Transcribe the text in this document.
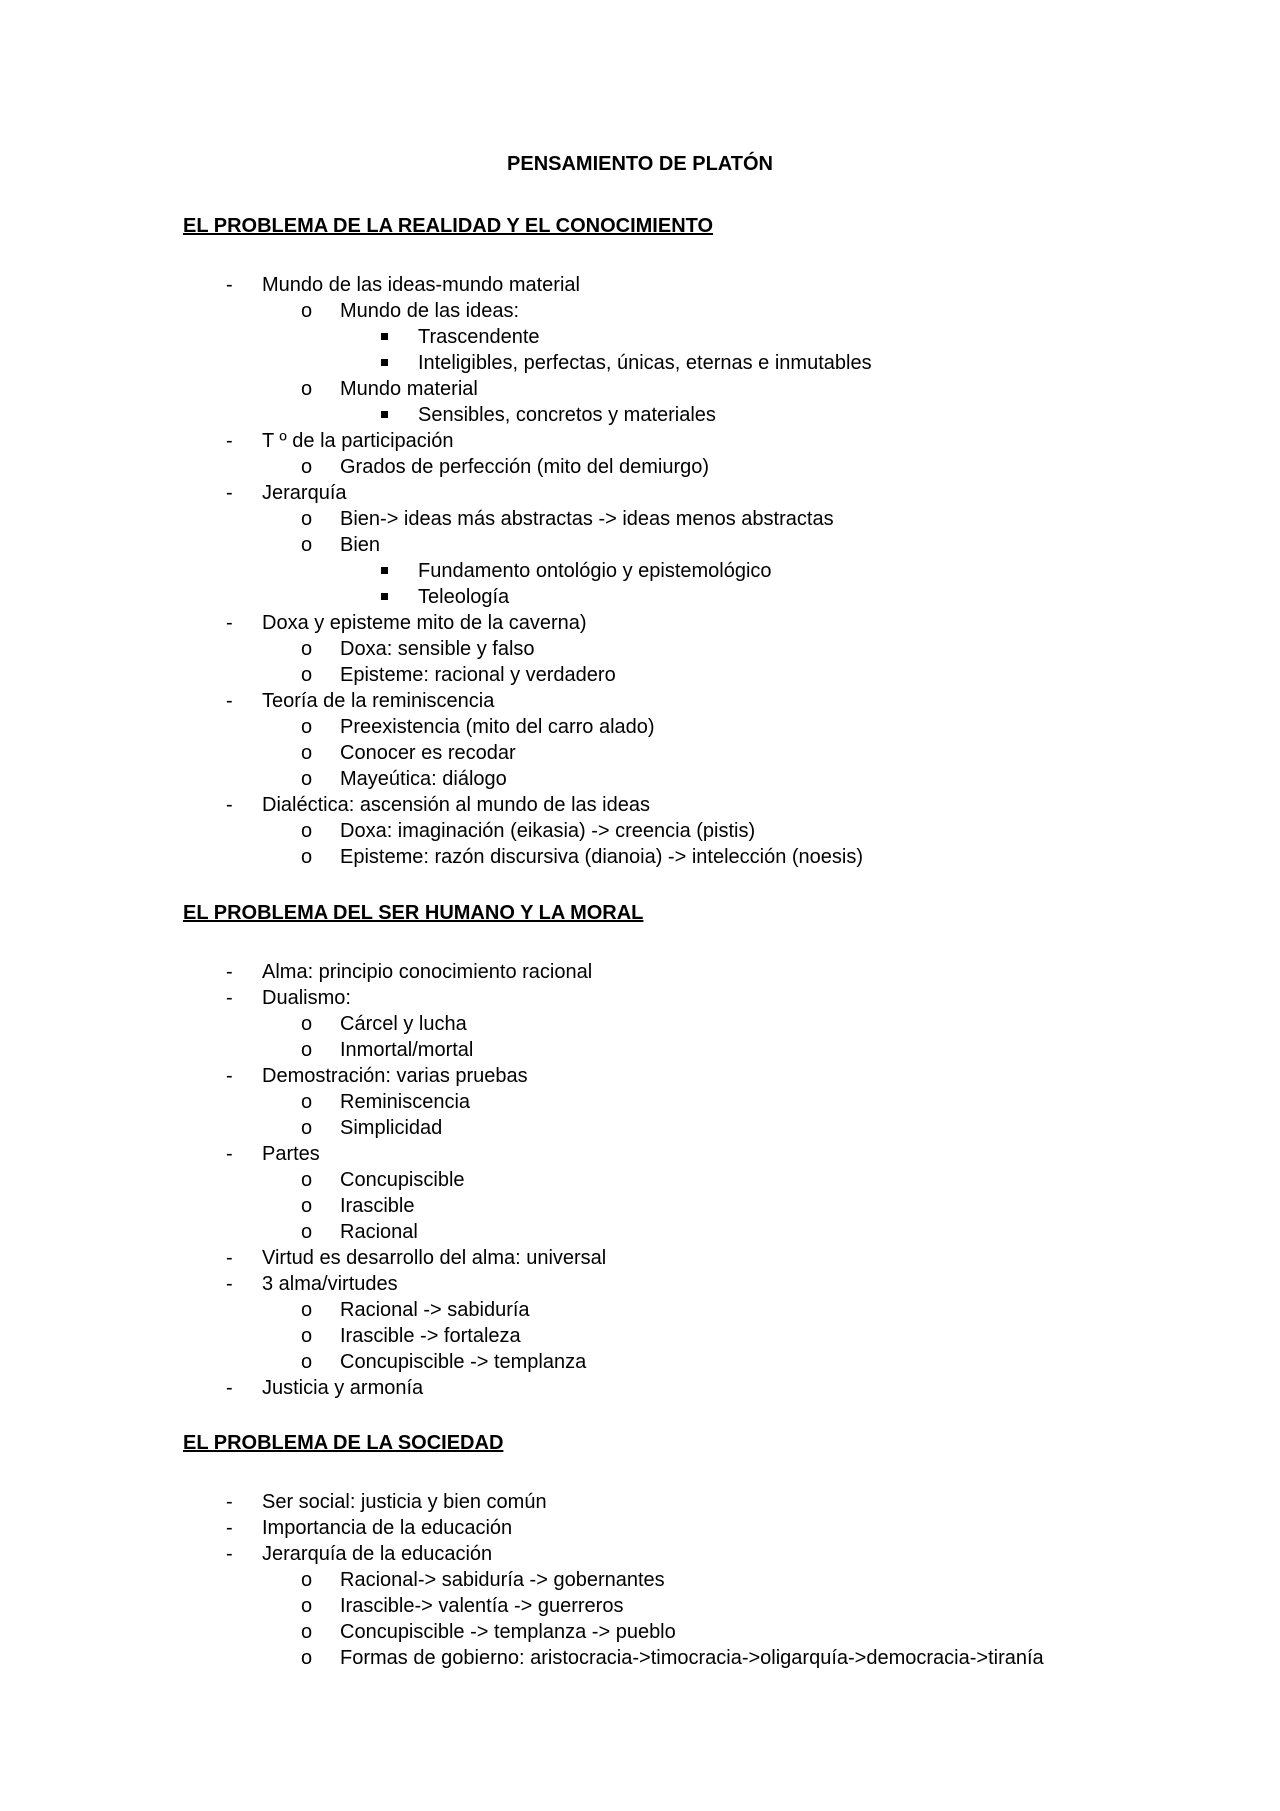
PENSAMIENTO DE PLATÓN
EL PROBLEMA DE LA REALIDAD Y EL CONOCIMIENTO
- Mundo de las ideas-mundo material
o Mundo de las ideas:
Trascendente
Inteligibles, perfectas, únicas, eternas e inmutables
o Mundo material
Sensibles, concretos y materiales
- T º de la participación
o Grados de perfección (mito del demiurgo)
- Jerarquía
o Bien-> ideas más abstractas -> ideas menos abstractas
o Bien
Fundamento ontológio y epistemológico
Teleología
- Doxa y episteme mito de la caverna)
o Doxa: sensible y falso
o Episteme: racional y verdadero
- Teoría de la reminiscencia
o Preexistencia (mito del carro alado)
o Conocer es recodar
o Mayeútica: diálogo
- Dialéctica: ascensión al mundo de las ideas
o Doxa: imaginación (eikasia) -> creencia (pistis)
o Episteme: razón discursiva (dianoia) -> intelección (noesis)
EL PROBLEMA DEL SER HUMANO Y LA MORAL
- Alma: principio conocimiento racional
- Dualismo:
o Cárcel y lucha
o Inmortal/mortal
- Demostración: varias pruebas
o Reminiscencia
o Simplicidad
- Partes
o Concupiscible
o Irascible
o Racional
- Virtud es desarrollo del alma: universal
- 3 alma/virtudes
o Racional -> sabiduría
o Irascible -> fortaleza
o Concupiscible -> templanza
- Justicia y armonía
EL PROBLEMA DE LA SOCIEDAD
- Ser social: justicia y bien común
- Importancia de la educación
- Jerarquía de la educación
o Racional-> sabiduría -> gobernantes
o Irascible-> valentía -> guerreros
o Concupiscible -> templanza -> pueblo
o Formas de gobierno: aristocracia->timocracia->oligarquía->democracia->tiranía
